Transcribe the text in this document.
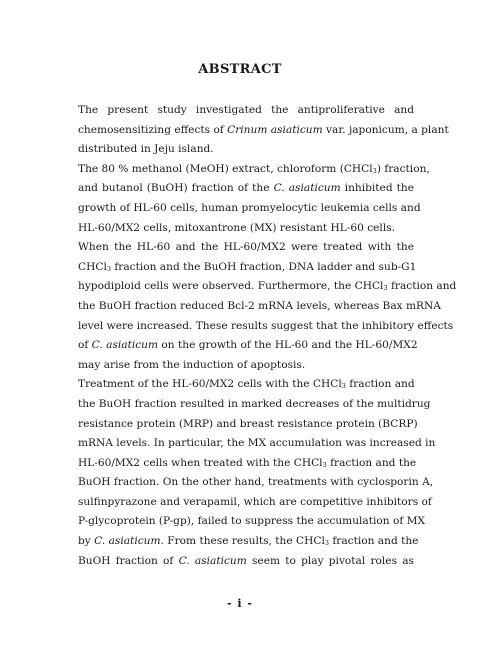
ABSTRACT
The present study investigated the antiproliferative and
chemosensitizing effects of Crinum asiaticum var. japonicum, a plant
distributed in Jeju island.
The 80 % methanol (MeOH) extract, chloroform (CHCl3) fraction,
and butanol (BuOH) fraction of the C. asiaticum inhibited the
growth of HL-60 cells, human promyelocytic leukemia cells and
HL-60/MX2 cells, mitoxantrone (MX) resistant HL-60 cells.
When the HL-60 and the HL-60/MX2 were treated with the
CHCl3 fraction and the BuOH fraction, DNA ladder and sub-G1
hypodiploid cells were observed. Furthermore, the CHCl3 fraction and
the BuOH fraction reduced Bcl-2 mRNA levels, whereas Bax mRNA
level were increased. These results suggest that the inhibitory effects
of C. asiaticum on the growth of the HL-60 and the HL-60/MX2
may arise from the induction of apoptosis.
Treatment of the HL-60/MX2 cells with the CHCl3 fraction and
the BuOH fraction resulted in marked decreases of the multidrug
resistance protein (MRP) and breast resistance protein (BCRP)
mRNA levels. In particular, the MX accumulation was increased in
HL-60/MX2 cells when treated with the CHCl3 fraction and the
BuOH fraction. On the other hand, treatments with cyclosporin A,
sulfinpyrazone and verapamil, which are competitive inhibitors of
P-glycoprotein (P-gp), failed to suppress the accumulation of MX
by C. asiaticum. From these results, the CHCl3 fraction and the
BuOH fraction of C. asiaticum seem to play pivotal roles as
- i -
